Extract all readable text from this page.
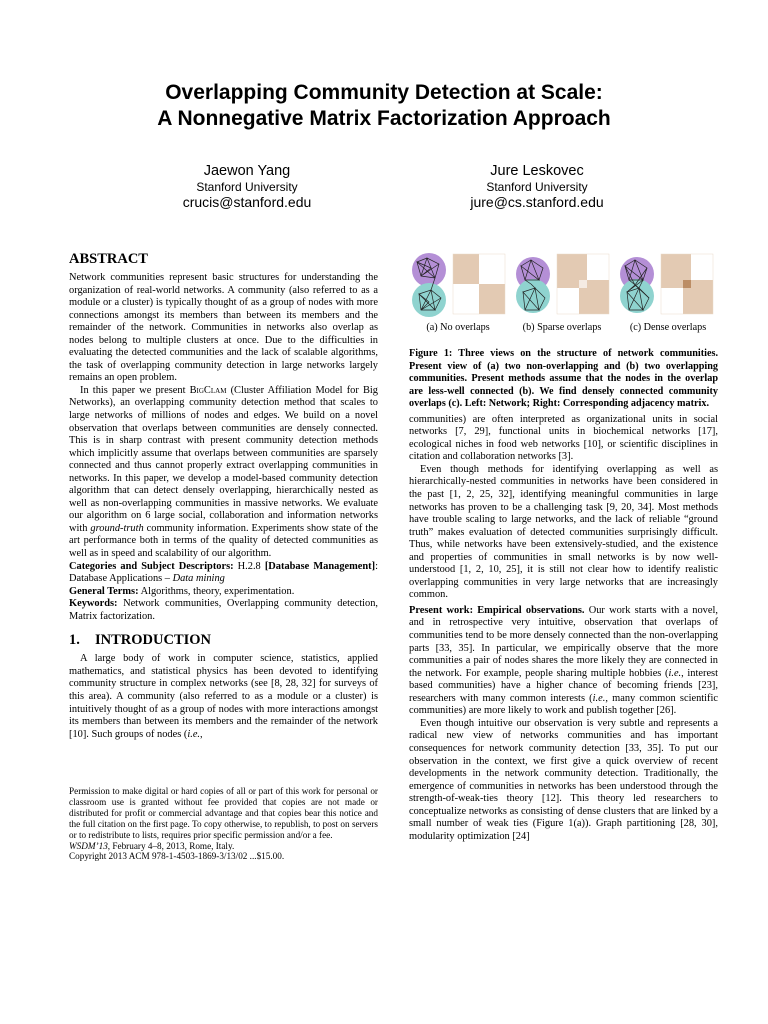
Overlapping Community Detection at Scale:
A Nonnegative Matrix Factorization Approach
Jaewon Yang
Stanford University
crucis@stanford.edu
Jure Leskovec
Stanford University
jure@cs.stanford.edu
ABSTRACT

Network communities represent basic structures for understanding the organization of real-world networks. A community (also referred to as a module or a cluster) is typically thought of as a group of nodes with more connections amongst its members than between its members and the remainder of the network. Communities in networks also overlap as nodes belong to multiple clusters at once. Due to the difficulties in evaluating the detected communities and the lack of scalable algorithms, the task of overlapping community detection in large networks largely remains an open problem.

In this paper we present BigClam (Cluster Affiliation Model for Big Networks), an overlapping community detection method that scales to large networks of millions of nodes and edges. We build on a novel observation that overlaps between communities are densely connected. This is in sharp contrast with present community detection methods which implicitly assume that overlaps between communities are sparsely connected and thus cannot properly extract overlapping communities in networks. In this paper, we develop a model-based community detection algorithm that can detect densely overlapping, hierarchically nested as well as non-overlapping communities in massive networks. We evaluate our algorithm on 6 large social, collaboration and information networks with ground-truth community information. Experiments show state of the art performance both in terms of the quality of detected communities as well as in speed and scalability of our algorithm.

Categories and Subject Descriptors: H.2.8 [Database Management]: Database Applications – Data mining

General Terms: Algorithms, theory, experimentation.

Keywords: Network communities, Overlapping community detection, Matrix factorization.

1. INTRODUCTION

A large body of work in computer science, statistics, applied mathematics, and statistical physics has been devoted to identifying community structure in complex networks (see [8, 28, 32] for surveys of this area). A community (also referred to as a module or a cluster) is intuitively thought of as a group of nodes with more interactions amongst its members than between its members and the remainder of the network [10]. Such groups of nodes (i.e.,

Permission to make digital or hard copies of all or part of this work for personal or classroom use is granted without fee provided that copies are not made or distributed for profit or commercial advantage and that copies bear this notice and the full citation on the first page. To copy otherwise, to republish, to post on servers or to redistribute to lists, requires prior specific permission and/or a fee.
WSDM’13, February 4–8, 2013, Rome, Italy.
Copyright 2013 ACM 978-1-4503-1869-3/13/02 ...$15.00.
(a) No overlaps	(b) Sparse overlaps	(c) Dense overlaps

Figure 1: Three views on the structure of network communities. Present view of (a) two non-overlapping and (b) two overlapping communities. Present methods assume that the nodes in the overlap are less-well connected (b). We find densely connected community overlaps (c). Left: Network; Right: Corresponding adjacency matrix.

communities) are often interpreted as organizational units in social networks [7, 29], functional units in biochemical networks [17], ecological niches in food web networks [10], or scientific disciplines in citation and collaboration networks [3].

Even though methods for identifying overlapping as well as hierarchically-nested communities in networks have been considered in the past [1, 2, 25, 32], identifying meaningful communities in large networks has proven to be a challenging task [9, 20, 34]. Most methods have trouble scaling to large networks, and the lack of reliable “ground truth” makes evaluation of detected communities surprisingly difficult. Thus, while networks have been extensively-studied, and the existence and properties of communities in small networks is by now well-understood [1, 2, 10, 25], it is still not clear how to identify realistic overlapping communities in very large networks that are increasingly common.

Present work: Empirical observations. Our work starts with a novel, and in retrospective very intuitive, observation that overlaps of communities tend to be more densely connected than the non-overlapping parts [33, 35]. In particular, we empirically observe that the more communities a pair of nodes shares the more likely they are connected in the network. For example, people sharing multiple hobbies (i.e., interest based communities) have a higher chance of becoming friends [23], researchers with many common interests (i.e., many common scientific communities) are more likely to work and publish together [26].

Even though intuitive our observation is very subtle and represents a radical new view of networks communities and has important consequences for network community detection [33, 35]. To put our observation in the context, we first give a quick overview of recent developments in the network community detection. Traditionally, the emergence of communities in networks has been understood through the strength-of-weak-ties theory [12]. This theory led researchers to conceptualize networks as consisting of dense clusters that are linked by a small number of weak ties (Figure 1(a)). Graph partitioning [28, 30], modularity optimization [24]
